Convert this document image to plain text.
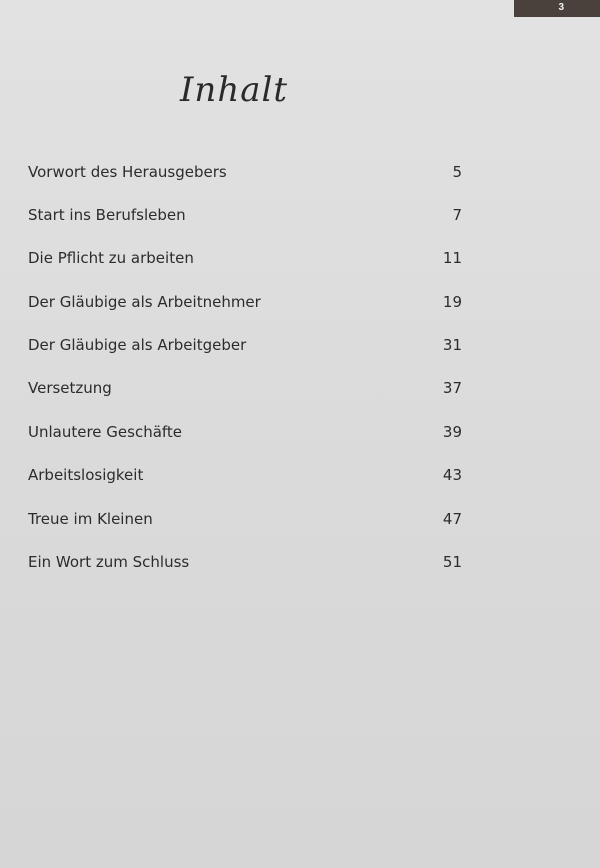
3
Inhalt
Vorwort des Herausgebers	5
Start ins Berufsleben	7
Die Pflicht zu arbeiten	11
Der Gläubige als Arbeitnehmer	19
Der Gläubige als Arbeitgeber	31
Versetzung	37
Unlautere Geschäfte	39
Arbeitslosigkeit	43
Treue im Kleinen	47
Ein Wort zum Schluss	51
